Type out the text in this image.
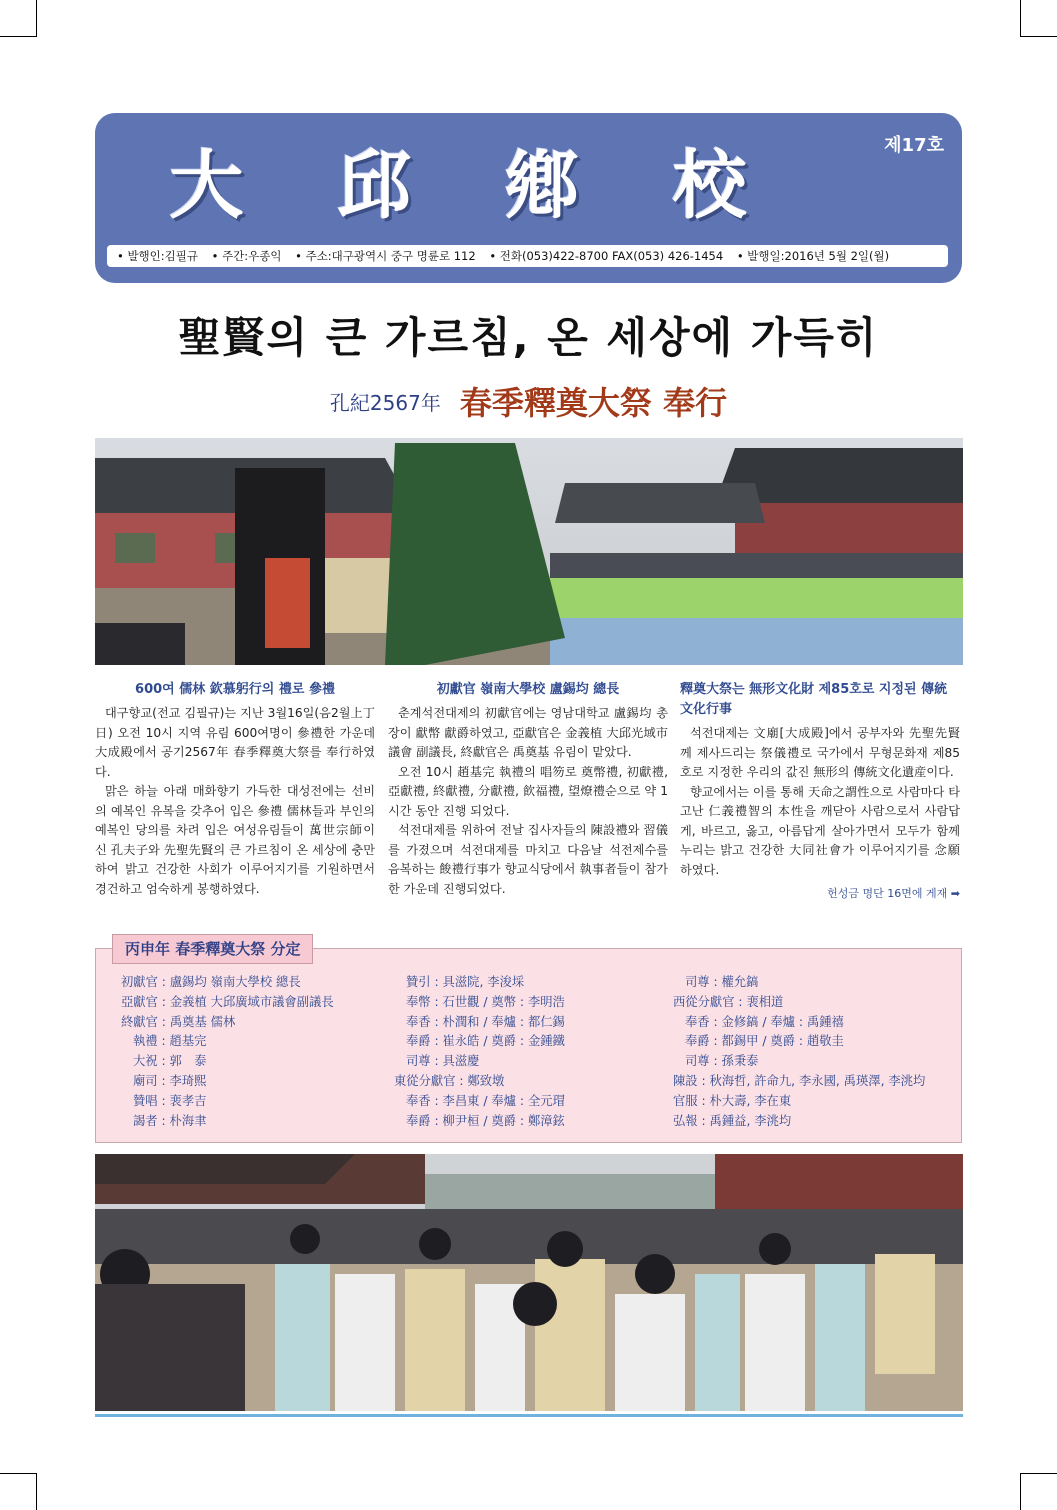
大 邱 鄕 校	제17호
• 발행인:김필규 • 주간:우종익 • 주소:대구광역시 중구 명륜로 112 • 전화(053)422-8700 FAX(053) 426-1454 • 발행일:2016년 5월 2일(월)
聖賢의 큰 가르침, 온 세상에 가득히
孔紀2567年 春季釋奠大祭 奉行
600여 儒林 欽慕躬行의 禮로 參禮

대구향교(전교 김필규)는 지난 3월16일(음2월上丁日) 오전 10시 지역 유림 600여명이 參禮한 가운데 大成殿에서 공기2567年 春季釋奠大祭를 奉行하였다.

맑은 하늘 아래 매화향기 가득한 대성전에는 선비의 예복인 유복을 갖추어 입은 參禮 儒林들과 부인의 예복인 당의를 차려 입은 여성유림들이 萬世宗師이신 孔夫子와 先聖先賢의 큰 가르침이 온 세상에 충만하여 밝고 건강한 사회가 이루어지기를 기원하면서 경건하고 엄숙하게 봉행하였다.

初獻官 嶺南大學校 盧錫均 總長

춘계석전대제의 初獻官에는 영남대학교 盧錫均 총장이 獻幣 獻爵하였고, 亞獻官은 金義植 大邱光域市議會 副議長, 終獻官은 禹奠基 유림이 맡았다.

오전 10시 趙基完 執禮의 唱笏로 奠幣禮, 初獻禮, 亞獻禮, 終獻禮, 分獻禮, 飮福禮, 望燎禮순으로 약 1시간 동안 진행 되었다.

석전대제를 위하여 전날 집사자들의 陳設禮와 習儀를 가졌으며 석전대제를 마치고 다음날 석전제수를 음복하는 餕禮行事가 향교식당에서 執事者들이 참가한 가운데 진행되었다.

釋奠大祭는 無形文化財 제85호로 지정된 傳統文化行事

석전대제는 文廟[大成殿]에서 공부자와 先聖先賢께 제사드리는 祭儀禮로 국가에서 무형문화재 제85호로 지정한 우리의 값진 無形의 傳統文化遺産이다.

향교에서는 이를 통해 天命之謂性으로 사람마다 타고난 仁義禮智의 本性을 깨닫아 사람으로서 사람답게, 바르고, 옳고, 아름답게 살아가면서 모두가 함께 누리는 밝고 건강한 大同社會가 이루어지기를 念願하였다.

헌성금 명단 16면에 게재 ➡
丙申年 春季釋奠大祭 分定
初獻官 : 盧錫均 嶺南大學校 總長
亞獻官 : 金義植 大邱廣域市議會副議長
終獻官 : 禹奠基 儒林
執禮 : 趙基完
大祝 : 郭　泰
廟司 : 李琦熙
贊唱 : 裵孝吉
謁者 : 朴海聿
贊引 : 具滋院, 李浚埰
奉幣 : 石世觀 / 奠幣 : 李明浩
奉香 : 朴潤和 / 奉爐 : 都仁錫
奉爵 : 崔永皓 / 奠爵 : 金鍾鐵
司尊 : 具滋慶
東從分獻官 : 鄭致墩
奉香 : 李昌東 / 奉爐 : 全元瑁
奉爵 : 柳尹桓 / 奠爵 : 鄭漳鉉
司尊 : 權允鎬
西從分獻官 : 裵相道
奉香 : 金修鎬 / 奉爐 : 禹鍾禧
奉爵 : 都錫甲 / 奠爵 : 趙敬圭
司尊 : 孫秉泰
陳設 : 秋海哲, 許命九, 李永國, 禹瑛澤, 李洮均
官服 : 朴大壽, 李在東
弘報 : 禹鍾益, 李洮均
